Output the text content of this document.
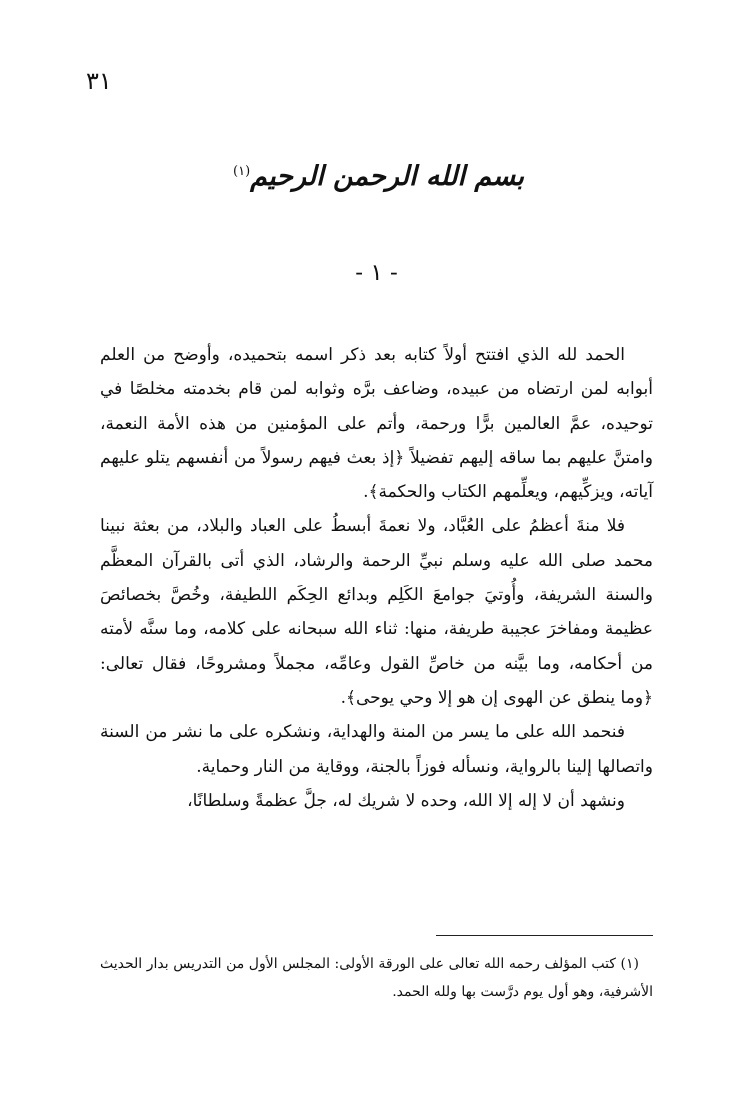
٣١
بسم الله الرحمن الرحيم$^{(١)}$
- ١ -

الحمد لله الذي افتتح أولاً كتابه بعد ذكر اسمه بتحميده، وأوضح من العلم أبوابه لمن ارتضاه من عبيده، وضاعف برَّه وثوابه لمن قام بخدمته مخلصًا في توحيده، عمَّ العالمين برًّا ورحمة، وأتم على المؤمنين من هذه الأمة النعمة، وامتنَّ عليهم بما ساقه إليهم تفضيلاً ﴿إذ بعث فيهم رسولاً من أنفسهم يتلو عليهم آياته، ويزكِّيهم، ويعلِّمهم الكتاب والحكمة﴾.

فلا منةَ أعظمُ على العُبَّاد، ولا نعمةَ أبسطُ على العباد والبلاد، من بعثة نبينا محمد صلى الله عليه وسلم نبيِّ الرحمة والرشاد، الذي أتى بالقرآن المعظَّم والسنة الشريفة، وأُوتيَ جوامعَ الكَلِم وبدائع الحِكَم اللطيفة، وخُصَّ بخصائصَ عظيمة ومفاخرَ عجيبة طريفة، منها: ثناء الله سبحانه على كلامه، وما سنَّه لأمته من أحكامه، وما بيَّنه من خاصِّ القول وعامِّه، مجملاً ومشروحًا، فقال تعالى: ﴿وما ينطق عن الهوى إن هو إلا وحي يوحى﴾.

فنحمد الله على ما يسر من المنة والهداية، ونشكره على ما نشر من السنة واتصالها إلينا بالرواية، ونسأله فوزاً بالجنة، ووقاية من النار وحماية.

ونشهد أن لا إله إلا الله، وحده لا شريك له، جلَّ عظمةً وسلطانًا،

(١) كتب المؤلف رحمه الله تعالى على الورقة الأولى: المجلس الأول من التدريس بدار الحديث الأشرفية، وهو أول يوم درَّست بها ولله الحمد.
